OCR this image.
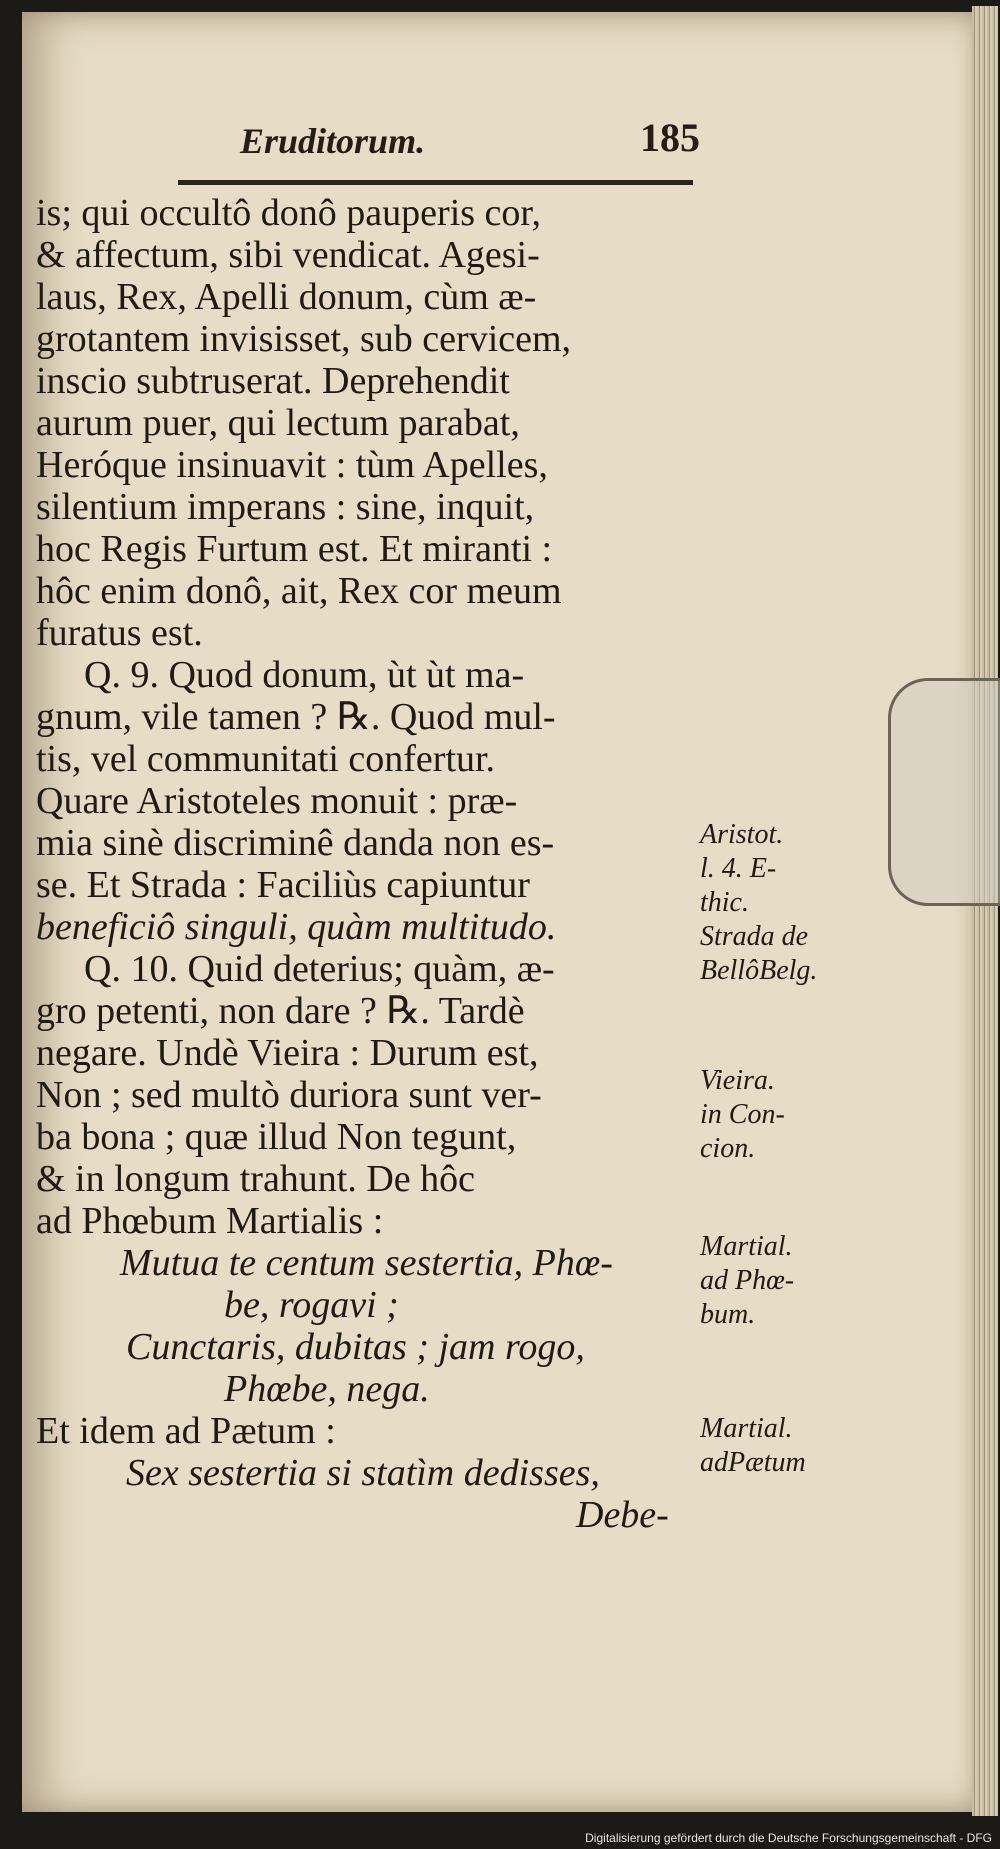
Eruditorum.	185
is; qui occultô donô pauperis cor,
& affectum, sibi vendicat. Agesi-
laus, Rex, Apelli donum, cùm æ-
grotantem invisisset, sub cervicem,
inscio subtruserat. Deprehendit
aurum puer, qui lectum parabat,
Heróque insinuavit : tùm Apelles,
silentium imperans : sine, inquit,
hoc Regis Furtum est. Et miranti :
hôc enim donô, ait, Rex cor meum
furatus est.
Q. 9. Quod donum, ùt ùt ma-
gnum, vile tamen ? ℞. Quod mul-
tis, vel communitati confertur.
Quare Aristoteles monuit : præ-
mia sinè discriminê danda non es-
se. Et Strada : Faciliùs capiuntur
beneficiô singuli, quàm multitudo.
Q. 10. Quid deterius; quàm, æ-
gro petenti, non dare ? ℞. Tardè
negare. Undè Vieira : Durum est,
Non ; sed multò duriora sunt ver-
ba bona ; quæ illud Non tegunt,
& in longum trahunt. De hôc
ad Phœbum Martialis :
Mutua te centum sestertia, Phœ-
be, rogavi ;
Cunctaris, dubitas ; jam rogo,
Phœbe, nega.
Et idem ad Pætum :
Sex sestertia si statìm dedisses,
Debe-
Aristot.
l. 4. E-
thic.
Strada de
BellôBelg.
Vieira.
in Con-
cion.
Martial.
ad Phœ-
bum.
Martial.
adPætum
Digitalisierung gefördert durch die Deutsche Forschungsgemeinschaft - DFG
